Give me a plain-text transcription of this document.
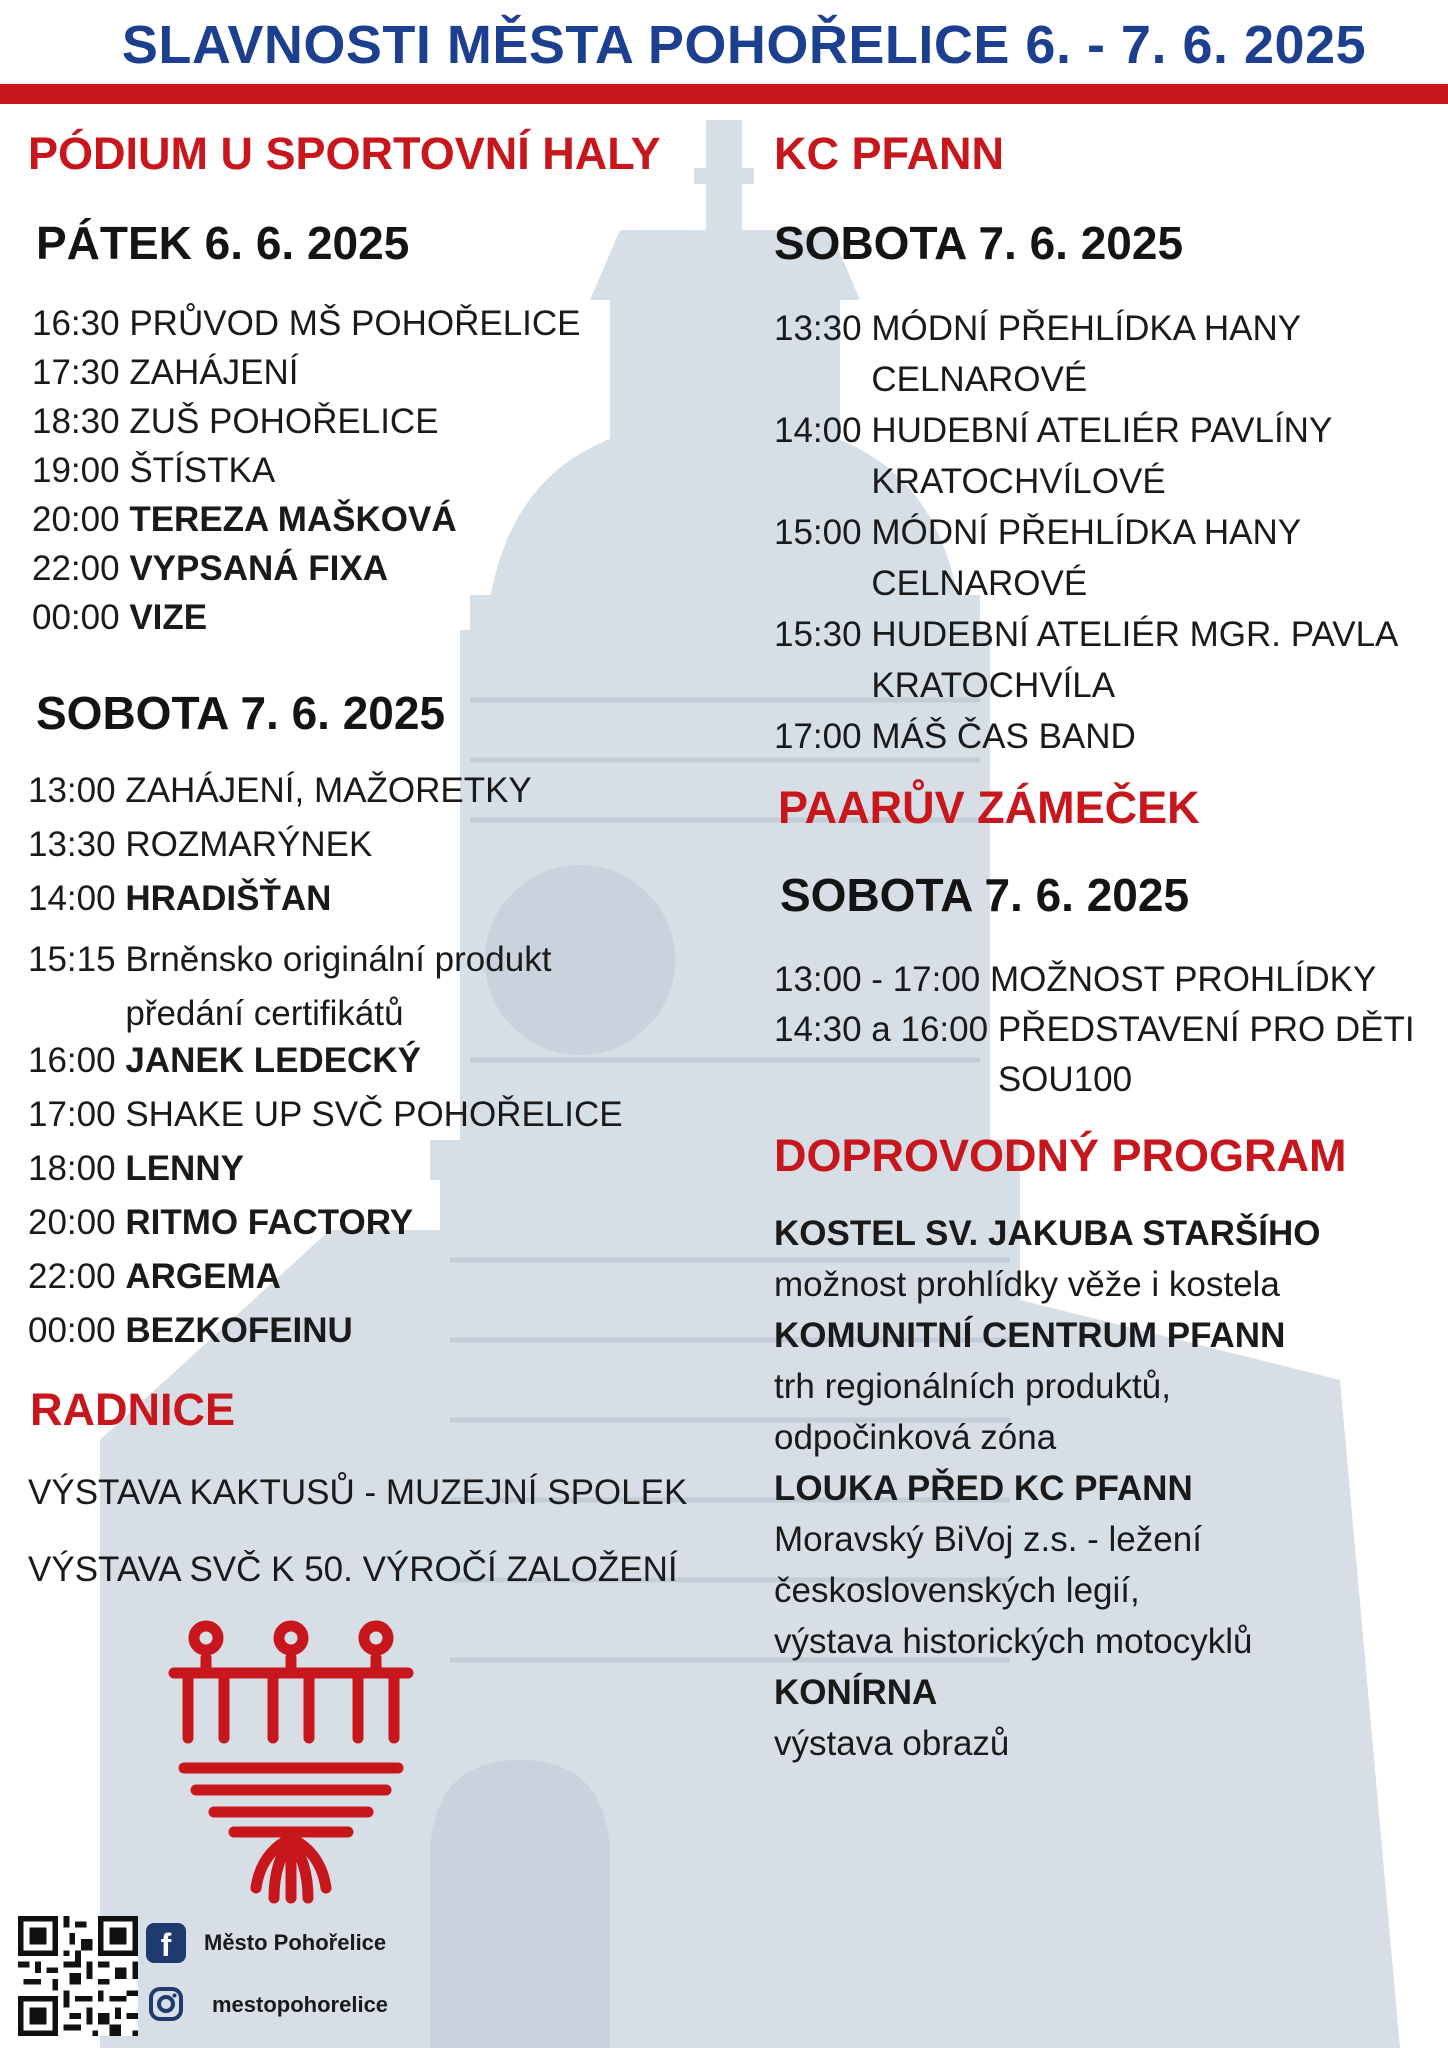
SLAVNOSTI MĚSTA POHOŘELICE 6. - 7. 6. 2025
PÓDIUM U SPORTOVNÍ HALY
PÁTEK 6. 6. 2025
16:30 PRŮVOD MŠ POHOŘELICE
17:30 ZAHÁJENÍ
18:30 ZUŠ POHOŘELICE
19:00 ŠTÍSTKA
20:00 TEREZA MAŠKOVÁ
22:00 VYPSANÁ FIXA
00:00 VIZE
SOBOTA 7. 6. 2025
13:00 ZAHÁJENÍ, MAŽORETKY
13:30 ROZMARÝNEK
14:00 HRADIŠŤAN
15:15 Brněnsko originální produkt
předání certifikátů
16:00 JANEK LEDECKÝ
17:00 SHAKE UP SVČ POHOŘELICE
18:00 LENNY
20:00 RITMO FACTORY
22:00 ARGEMA
00:00 BEZKOFEINU
RADNICE
VÝSTAVA KAKTUSŮ - MUZEJNÍ SPOLEK
VÝSTAVA SVČ K 50. VÝROČÍ ZALOŽENÍ
f	Město Pohořelice
mestopohorelice
KC PFANN
SOBOTA 7. 6. 2025
13:30 MÓDNÍ PŘEHLÍDKA HANY
CELNAROVÉ
14:00 HUDEBNÍ ATELIÉR PAVLÍNY
KRATOCHVÍLOVÉ
15:00 MÓDNÍ PŘEHLÍDKA HANY
CELNAROVÉ
15:30 HUDEBNÍ ATELIÉR MGR. PAVLA
KRATOCHVÍLA
17:00 MÁŠ ČAS BAND
PAARŮV ZÁMEČEK
SOBOTA 7. 6. 2025
13:00 - 17:00 MOŽNOST PROHLÍDKY
14:30 a 16:00 PŘEDSTAVENÍ PRO DĚTI
SOU100
DOPROVODNÝ PROGRAM
KOSTEL SV. JAKUBA STARŠÍHO
možnost prohlídky věže i kostela
KOMUNITNÍ CENTRUM PFANN
trh regionálních produktů,
odpočinková zóna
LOUKA PŘED KC PFANN
Moravský BiVoj z.s. - ležení
československých legií,
výstava historických motocyklů
KONÍRNA
výstava obrazů
